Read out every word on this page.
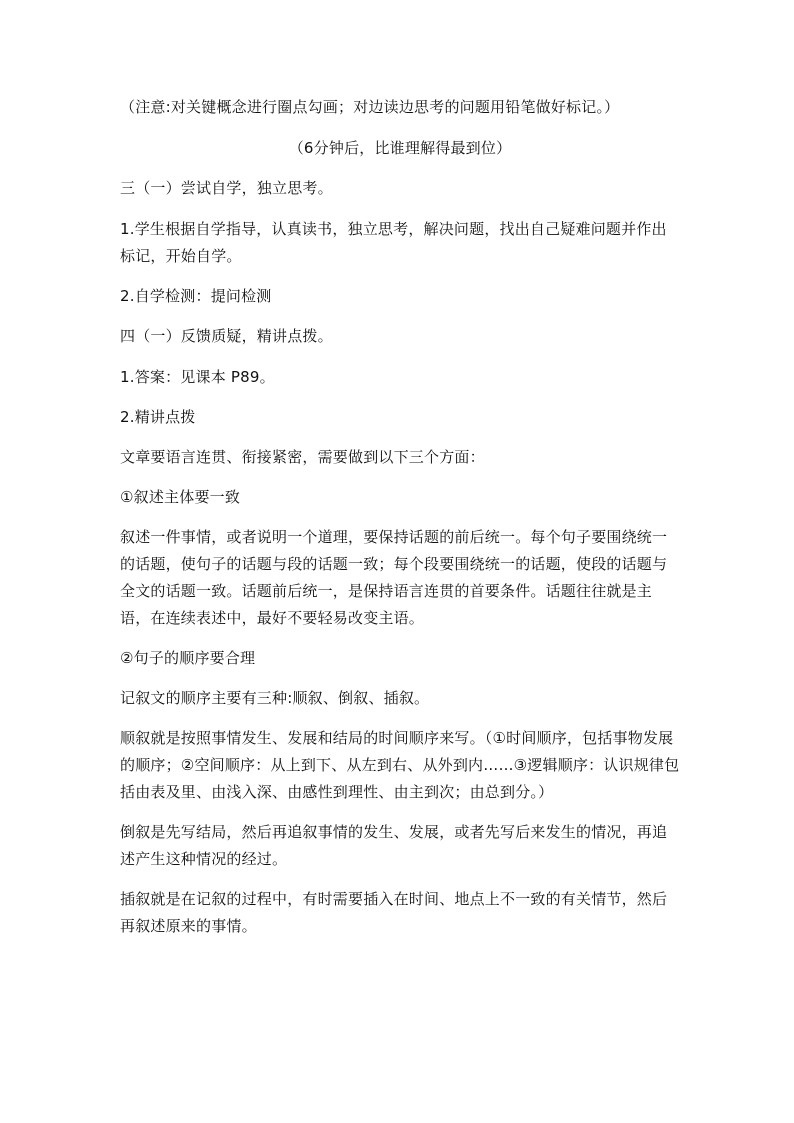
（注意:对关键概念进行圈点勾画；对边读边思考的问题用铅笔做好标记。）

（6分钟后，比谁理解得最到位）

三（一）尝试自学，独立思考。

1.学生根据自学指导，认真读书，独立思考，解决问题，找出自己疑难问题并作出标记，开始自学。

2.自学检测：提问检测

四（一）反馈质疑，精讲点拨。

1.答案：见课本 P89。

2.精讲点拨

文章要语言连贯、衔接紧密，需要做到以下三个方面：

①叙述主体要一致

叙述一件事情，或者说明一个道理，要保持话题的前后统一。每个句子要围绕统一的话题，使句子的话题与段的话题一致；每个段要围绕统一的话题，使段的话题与全文的话题一致。话题前后统一，是保持语言连贯的首要条件。话题往往就是主语，在连续表述中，最好不要轻易改变主语。

②句子的顺序要合理

记叙文的顺序主要有三种:顺叙、倒叙、插叙。

顺叙就是按照事情发生、发展和结局的时间顺序来写。（①时间顺序，包括事物发展的顺序；②空间顺序：从上到下、从左到右、从外到内……③逻辑顺序：认识规律包括由表及里、由浅入深、由感性到理性、由主到次；由总到分。）

倒叙是先写结局，然后再追叙事情的发生、发展，或者先写后来发生的情况，再追述产生这种情况的经过。

插叙就是在记叙的过程中，有时需要插入在时间、地点上不一致的有关情节，然后再叙述原来的事情。
